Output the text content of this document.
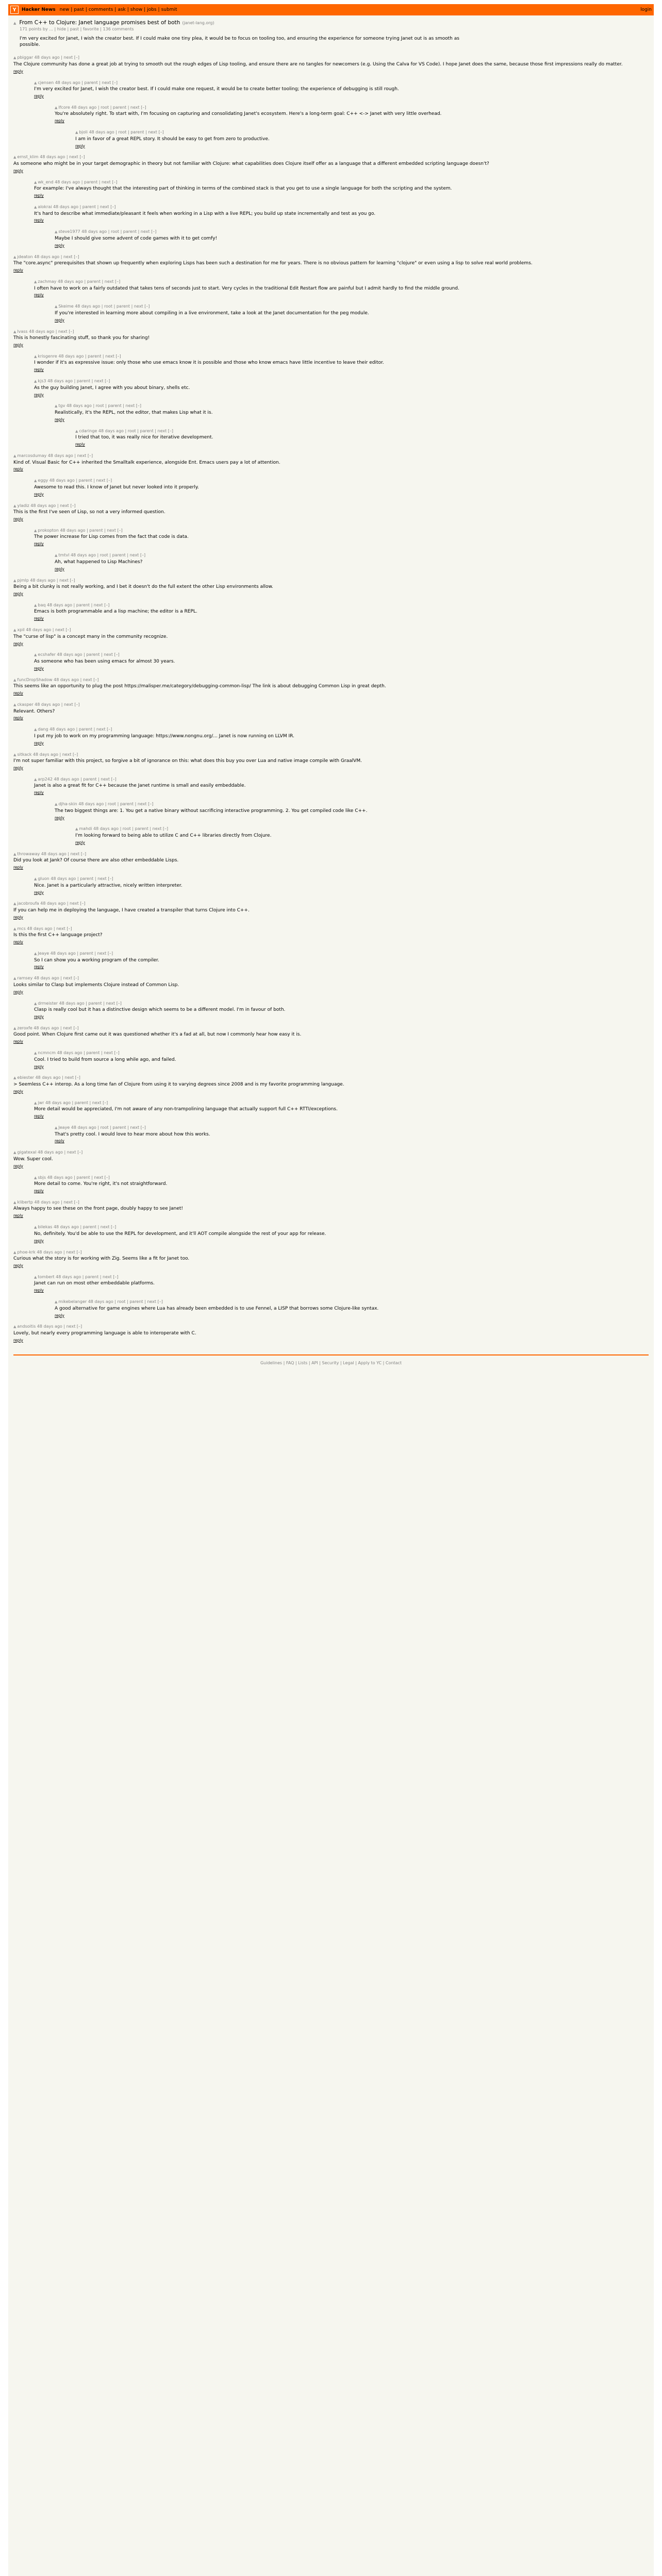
Y	Hacker News new | past | comments | ask | show | jobs | submit	login
▲ From C++ to Clojure: Janet language promises best of both (janet-lang.org)
171 points by ... | hide | past | favorite | 136 comments
I'm very excited for Janet, I wish the creator best. If I could make one tiny plea, it would be to focus on tooling too, and ensuring the experience for someone trying Janet out is as smooth as possible.
▲ pbiggar 48 days ago | next [–]
The Clojure community has done a great job at trying to smooth out the rough edges of Lisp tooling, and ensure there are no tangles for newcomers (e.g. Using the Calva for VS Code). I hope Janet does the same, because those first impressions really do matter.
reply
▲ cjensen 48 days ago | parent | next [–]
I'm very excited for Janet, I wish the creator best. If I could make one request, it would be to create better tooling; the experience of debugging is still rough.
reply
▲ lfcore 48 days ago | root | parent | next [–]
You're absolutely right. To start with, I'm focusing on capturing and consolidating Janet's ecosystem. Here's a long-term goal: C++ <-> Janet with very little overhead.
reply
▲ bjoli 48 days ago | root | parent | next [–]
I am in favor of a great REPL story. It should be easy to get from zero to productive.
reply
▲ ernst_klim 48 days ago | next [–]
As someone who might be in your target demographic in theory but not familiar with Clojure: what capabilities does Clojure itself offer as a language that a different embedded scripting language doesn't?
reply
▲ wk_end 48 days ago | parent | next [–]
For example: I've always thought that the interesting part of thinking in terms of the combined stack is that you get to use a single language for both the scripting and the system.
reply
▲ alokrai 48 days ago | parent | next [–]
It's hard to describe what immediate/pleasant it feels when working in a Lisp with a live REPL; you build up state incrementally and test as you go.
reply
▲ steve1977 48 days ago | root | parent | next [–]
Maybe I should give some advent of code games with it to get comfy!
reply
▲ jdeaton 48 days ago | next [–]
The "core.async" prerequisites that shown up frequently when exploring Lisps has been such a destination for me for years. There is no obvious pattern for learning "clojure" or even using a lisp to solve real world problems.
reply
▲ zachmay 48 days ago | parent | next [–]
I often have to work on a fairly outdated that takes tens of seconds just to start. Very cycles in the traditional Edit Restart flow are painful but I admit hardly to find the middle ground.
reply
▲ Skeime 48 days ago | root | parent | next [–]
If you're interested in learning more about compiling in a live environment, take a look at the Janet documentation for the peg module.
reply
▲ lvass 48 days ago | next [–]
This is honestly fascinating stuff, so thank you for sharing!
reply
▲ krisgenre 48 days ago | parent | next [–]
I wonder if it's as expressive issue: only those who use emacs know it is possible and those who know emacs have little incentive to leave their editor.
reply
▲ kjs3 48 days ago | parent | next [–]
As the guy building Janet, I agree with you about binary, shells etc.
reply
▲ tgv 48 days ago | root | parent | next [–]
Realistically, it's the REPL, not the editor, that makes Lisp what it is.
reply
▲ cdaringe 48 days ago | root | parent | next [–]
I tried that too, it was really nice for iterative development.
reply
▲ marcosdumay 48 days ago | next [–]
Kind of. Visual Basic for C++ inherited the Smalltalk experience, alongside Ent. Emacs users pay a lot of attention.
reply
▲ eggy 48 days ago | parent | next [–]
Awesome to read this. I know of Janet but never looked into it properly.
reply
▲ yladiz 48 days ago | next [–]
This is the first I've seen of Lisp, so not a very informed question.
reply
▲ prokopton 48 days ago | parent | next [–]
The power increase for Lisp comes from the fact that code is data.
reply
▲ tmtvl 48 days ago | root | parent | next [–]
Ah, what happened to Lisp Machines?
reply
▲ pjmlp 48 days ago | next [–]
Being a bit clunky is not really working, and I bet it doesn't do the full extent the other Lisp environments allow.
reply
▲ baq 48 days ago | parent | next [–]
Emacs is both programmable and a lisp machine; the editor is a REPL.
reply
▲ xpil 48 days ago | next [–]
The "curse of lisp" is a concept many in the community recognize.
reply
▲ ecshafer 48 days ago | parent | next [–]
As someone who has been using emacs for almost 30 years.
reply
▲ funcDropShadow 48 days ago | next [–]
This seems like an opportunity to plug the post https://malisper.me/category/debugging-common-lisp/ The link is about debugging Common Lisp in great depth.
reply
▲ ckasper 48 days ago | next [–]
Relevant. Others?
reply
▲ dang 48 days ago | parent | next [–]
I put my job to work on my programming language: https://www.nongnu.org/... Janet is now running on LLVM IR.
reply
▲ sitkack 48 days ago | next [–]
I'm not super familiar with this project, so forgive a bit of ignorance on this: what does this buy you over Lua and native image compile with GraalVM.
reply
▲ arp242 48 days ago | parent | next [–]
Janet is also a great fit for C++ because the Janet runtime is small and easily embeddable.
reply
▲ djha-skin 48 days ago | root | parent | next [–]
The two biggest things are: 1. You get a native binary without sacrificing interactive programming. 2. You get compiled code like C++.
reply
▲ mahdi 48 days ago | root | parent | next [–]
I'm looking forward to being able to utilize C and C++ libraries directly from Clojure.
reply
▲ throwaway 48 days ago | next [–]
Did you look at Jank? Of course there are also other embeddable Lisps.
reply
▲ gluon 48 days ago | parent | next [–]
Nice. Janet is a particularly attractive, nicely written interpreter.
reply
▲ jacobroufa 48 days ago | next [–]
If you can help me in deploying the language, I have created a transpiler that turns Clojure into C++.
reply
▲ mcs 48 days ago | next [–]
Is this the first C++ language project?
reply
▲ Jeaye 48 days ago | parent | next [–]
So I can show you a working program of the compiler.
reply
▲ ramsey 48 days ago | next [–]
Looks similar to Clasp but implements Clojure instead of Common Lisp.
reply
▲ drmeister 48 days ago | parent | next [–]
Clasp is really cool but it has a distinctive design which seems to be a different model. I'm in favour of both.
reply
▲ zeroxfe 48 days ago | next [–]
Good point. When Clojure first came out it was questioned whether it's a fad at all, but now I commonly hear how easy it is.
reply
▲ ncmncm 48 days ago | parent | next [–]
Cool. I tried to build from source a long while ago, and failed.
reply
▲ ebiester 48 days ago | next [–]
> Seemless C++ interop. As a long time fan of Clojure from using it to varying degrees since 2008 and is my favorite programming language.
reply
▲ jwr 48 days ago | parent | next [–]
More detail would be appreciated, I'm not aware of any non-trampolining language that actually support full C++ RTTI/exceptions.
reply
▲ Jeaye 48 days ago | root | parent | next [–]
That's pretty cool. I would love to hear more about how this works.
reply
▲ gigatexal 48 days ago | next [–]
Wow. Super cool.
reply
▲ sbjs 48 days ago | parent | next [–]
More detail to come. You're right, it's not straightforward.
reply
▲ klibertp 48 days ago | next [–]
Always happy to see these on the front page, doubly happy to see Janet!
reply
▲ bilekas 48 days ago | parent | next [–]
No, definitely. You'd be able to use the REPL for development, and it'll AOT compile alongside the rest of your app for release.
reply
▲ phoe-krk 48 days ago | next [–]
Curious what the story is for working with Zig. Seems like a fit for Janet too.
reply
▲ tombert 48 days ago | parent | next [–]
Janet can run on most other embeddable platforms.
reply
▲ mikebelanger 48 days ago | root | parent | next [–]
A good alternative for game engines where Lua has already been embedded is to use Fennel, a LISP that borrows some Clojure-like syntax.
reply
▲ andsoitis 48 days ago | next [–]
Lovely, but nearly every programming language is able to interoperate with C.
reply
Guidelines | FAQ | Lists | API | Security | Legal | Apply to YC | Contact
